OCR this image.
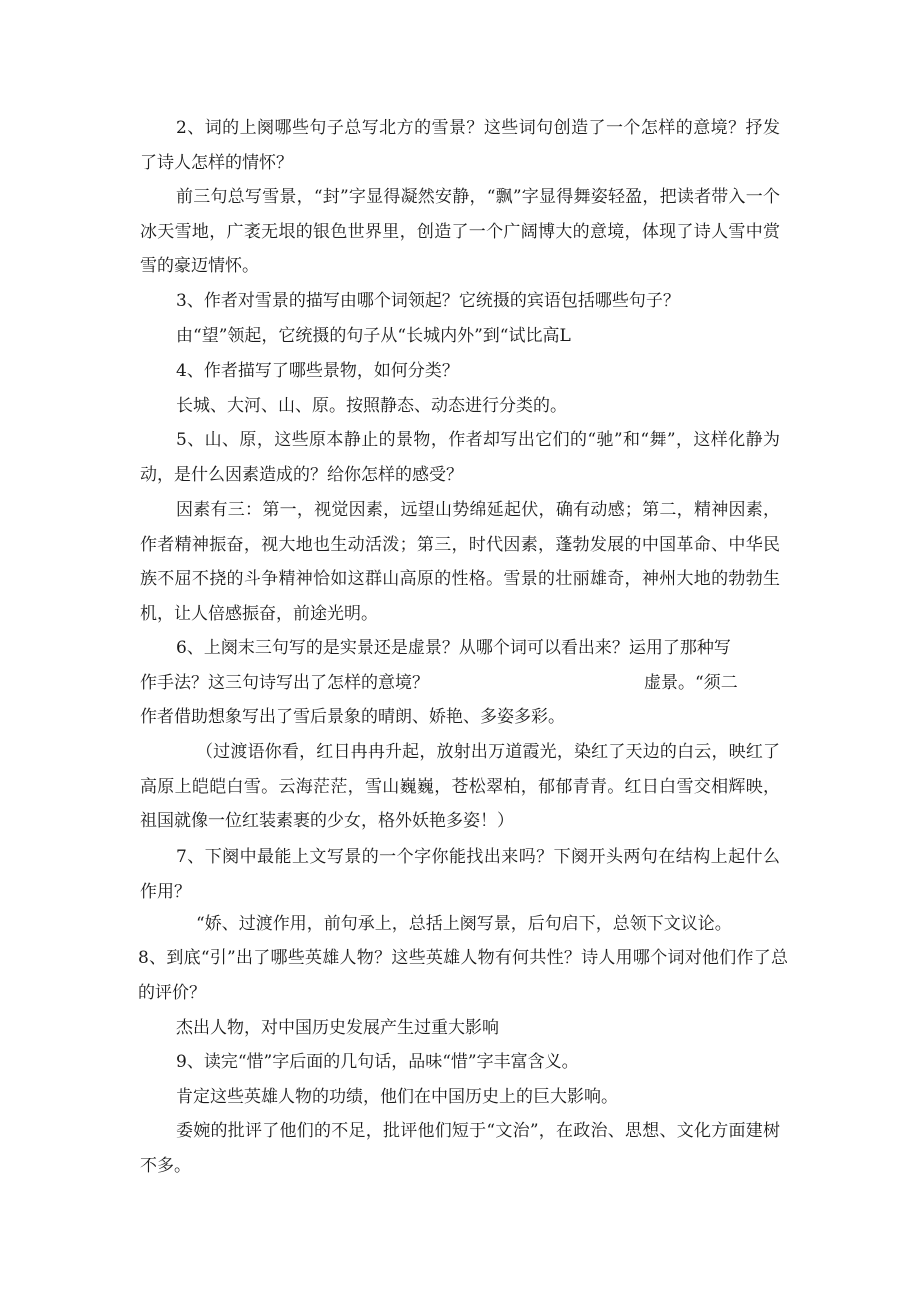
2、词的上阕哪些句子总写北方的雪景？这些词句创造了一个怎样的意境？抒发了诗人怎样的情怀？

前三句总写雪景，“封”字显得凝然安静，“飘”字显得舞姿轻盈，把读者带入一个冰天雪地，广袤无垠的银色世界里，创造了一个广阔博大的意境，体现了诗人雪中赏雪的豪迈情怀。

3、作者对雪景的描写由哪个词领起？它统摄的宾语包括哪些句子？

由“望”领起，它统摄的句子从“长城内外”到“试比高L

4、作者描写了哪些景物，如何分类？

长城、大河、山、原。按照静态、动态进行分类的。

5、山、原，这些原本静止的景物，作者却写出它们的“驰”和“舞”，这样化静为动，是什么因素造成的？给你怎样的感受？

因素有三：第一，视觉因素，远望山势绵延起伏，确有动感；第二，精神因素，作者精神振奋，视大地也生动活泼；第三，时代因素，蓬勃发展的中国革命、中华民族不屈不挠的斗争精神恰如这群山高原的性格。雪景的壮丽雄奇，神州大地的勃勃生机，让人倍感振奋，前途光明。

6、上阕末三句写的是实景还是虚景？从哪个词可以看出来？运用了那种写

作手法？这三句诗写出了怎样的意境？	虚景。“须二

作者借助想象写出了雪后景象的晴朗、娇艳、多姿多彩。

（过渡语你看，红日冉冉升起，放射出万道霞光，染红了天边的白云，映红了高原上皑皑白雪。云海茫茫，雪山巍巍，苍松翠柏，郁郁青青。红日白雪交相辉映，祖国就像一位红装素裹的少女，格外妖艳多姿！）

7、下阕中最能上文写景的一个字你能找出来吗？下阕开头两句在结构上起什么作用？

“娇、过渡作用，前句承上，总括上阕写景，后句启下，总领下文议论。

8、到底“引”出了哪些英雄人物？这些英雄人物有何共性？诗人用哪个词对他们作了总的评价？

杰出人物，对中国历史发展产生过重大影响

9、读完“惜”字后面的几句话，品味“惜”字丰富含义。

肯定这些英雄人物的功绩，他们在中国历史上的巨大影响。

委婉的批评了他们的不足，批评他们短于“文治”，在政治、思想、文化方面建树不多。
